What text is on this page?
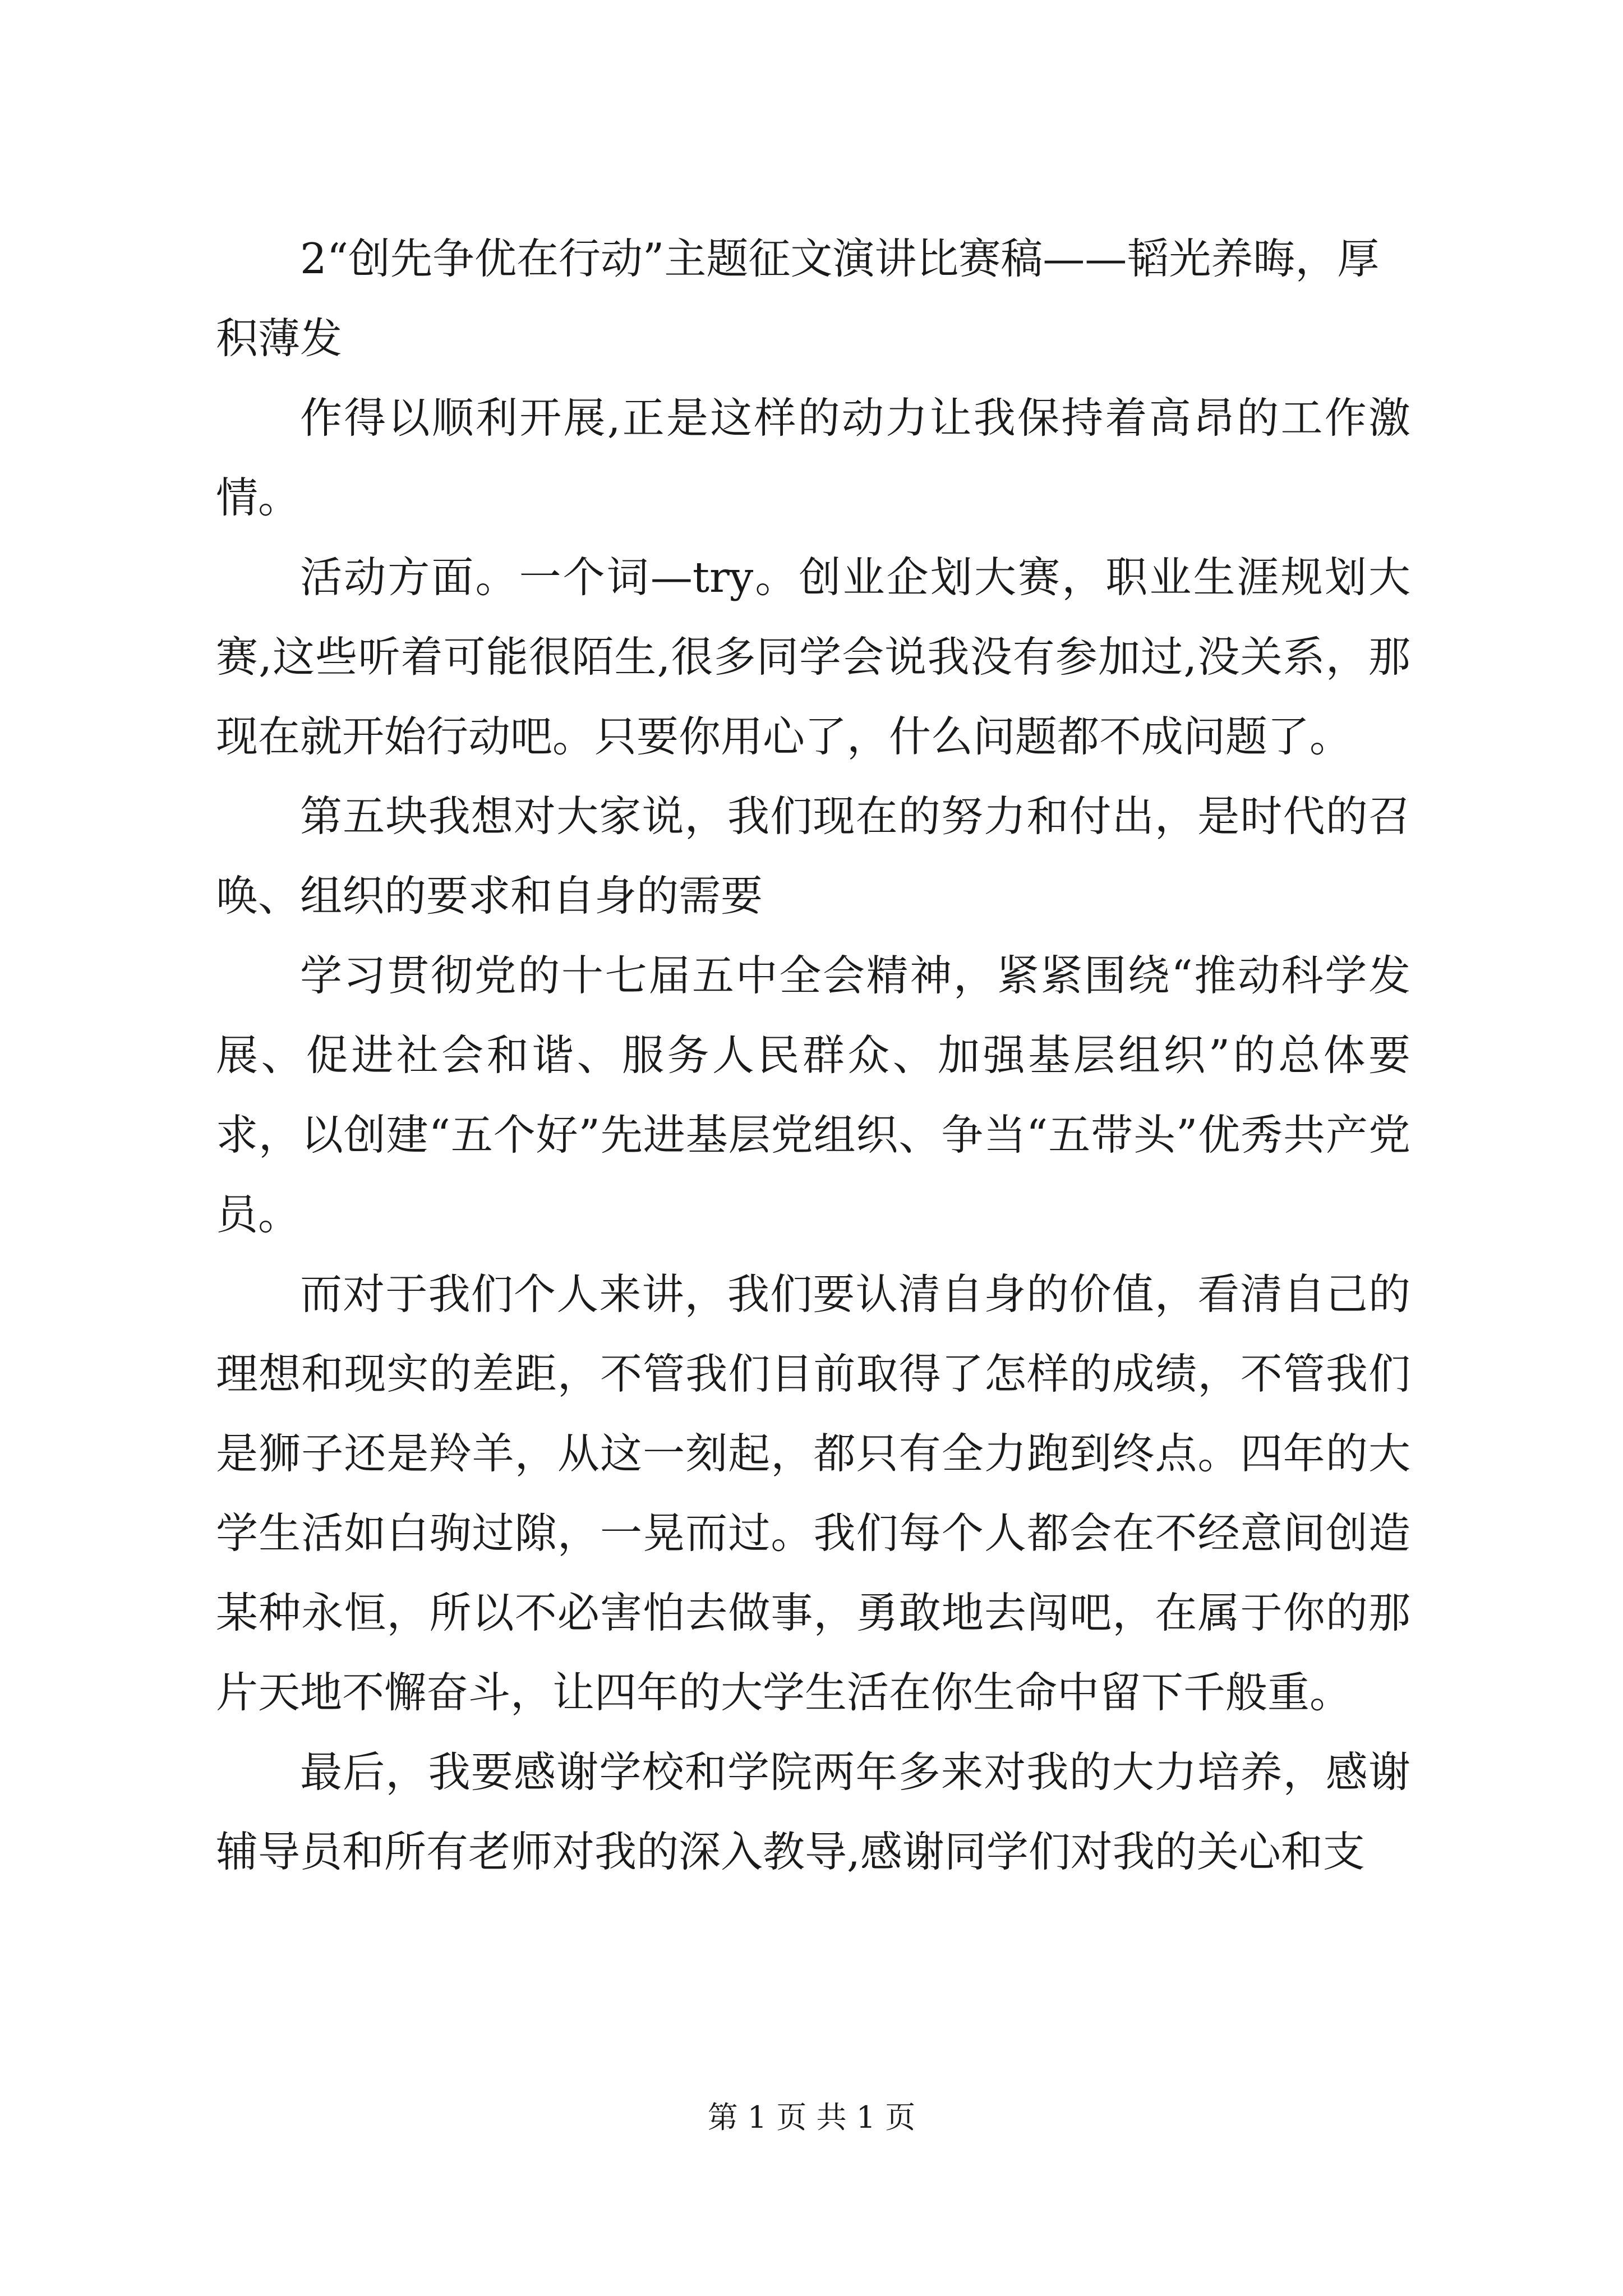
2“创先争优在行动”主题征文演讲比赛稿——韬光养晦，厚积薄发

作得以顺利开展,正是这样的动力让我保持着高昂的工作激情。

活动方面。一个词—try。创业企划大赛，职业生涯规划大赛,这些听着可能很陌生,很多同学会说我没有参加过,没关系，那现在就开始行动吧。只要你用心了，什么问题都不成问题了。

第五块我想对大家说，我们现在的努力和付出，是时代的召唤、组织的要求和自身的需要

学习贯彻党的十七届五中全会精神，紧紧围绕“推动科学发展、促进社会和谐、服务人民群众、加强基层组织”的总体要求，以创建“五个好”先进基层党组织、争当“五带头”优秀共产党员。

而对于我们个人来讲，我们要认清自身的价值，看清自己的理想和现实的差距，不管我们目前取得了怎样的成绩，不管我们是狮子还是羚羊，从这一刻起，都只有全力跑到终点。四年的大学生活如白驹过隙，一晃而过。我们每个人都会在不经意间创造某种永恒，所以不必害怕去做事，勇敢地去闯吧，在属于你的那片天地不懈奋斗，让四年的大学生活在你生命中留下千般重。

最后，我要感谢学校和学院两年多来对我的大力培养，感谢辅导员和所有老师对我的深入教导,感谢同学们对我的关心和支

第 1 页 共 1 页
